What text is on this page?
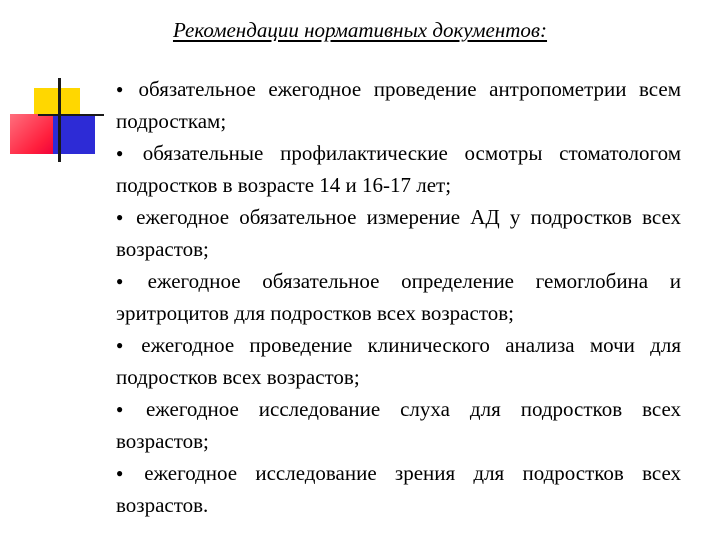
Рекомендации нормативных документов:

● обязательное ежегодное проведение антропометрии всем подросткам;

● обязательные профилактические осмотры стоматологом подростков в возрасте 14 и 16-17 лет;

● ежегодное обязательное измерение АД у подростков всех возрастов;

● ежегодное обязательное определение гемоглобина и эритроцитов для подростков всех возрастов;

● ежегодное проведение клинического анализа мочи для подростков всех возрастов;

● ежегодное исследование слуха для подростков всех возрастов;

● ежегодное исследование зрения для подростков всех возрастов.
